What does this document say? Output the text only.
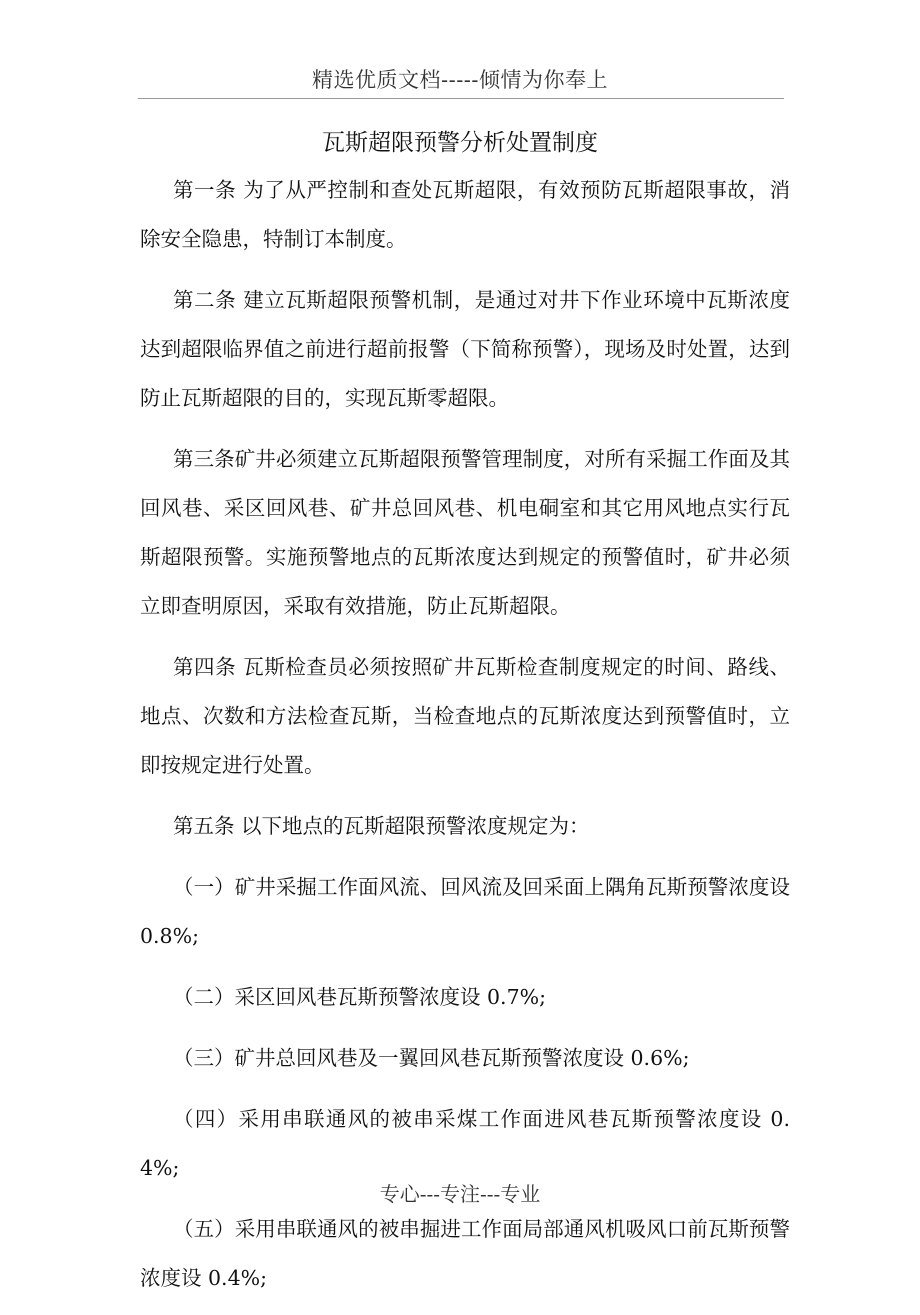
精选优质文档-----倾情为你奉上
瓦斯超限预警分析处置制度

第一条 为了从严控制和查处瓦斯超限，有效预防瓦斯超限事故，消除安全隐患，特制订本制度。

第二条 建立瓦斯超限预警机制，是通过对井下作业环境中瓦斯浓度达到超限临界值之前进行超前报警（下简称预警），现场及时处置，达到防止瓦斯超限的目的，实现瓦斯零超限。

第三条矿井必须建立瓦斯超限预警管理制度，对所有采掘工作面及其回风巷、采区回风巷、矿井总回风巷、机电硐室和其它用风地点实行瓦斯超限预警。实施预警地点的瓦斯浓度达到规定的预警值时，矿井必须立即查明原因，采取有效措施，防止瓦斯超限。

第四条 瓦斯检查员必须按照矿井瓦斯检查制度规定的时间、路线、地点、次数和方法检查瓦斯，当检查地点的瓦斯浓度达到预警值时，立即按规定进行处置。

第五条 以下地点的瓦斯超限预警浓度规定为：

（一）矿井采掘工作面风流、回风流及回采面上隅角瓦斯预警浓度设 0.8%;

（二）采区回风巷瓦斯预警浓度设 0.7%;

（三）矿井总回风巷及一翼回风巷瓦斯预警浓度设 0.6%;

（四）采用串联通风的被串采煤工作面进风巷瓦斯预警浓度设 0.4%;

（五）采用串联通风的被串掘进工作面局部通风机吸风口前瓦斯预警浓度设 0.4%;

专心---专注---专业
